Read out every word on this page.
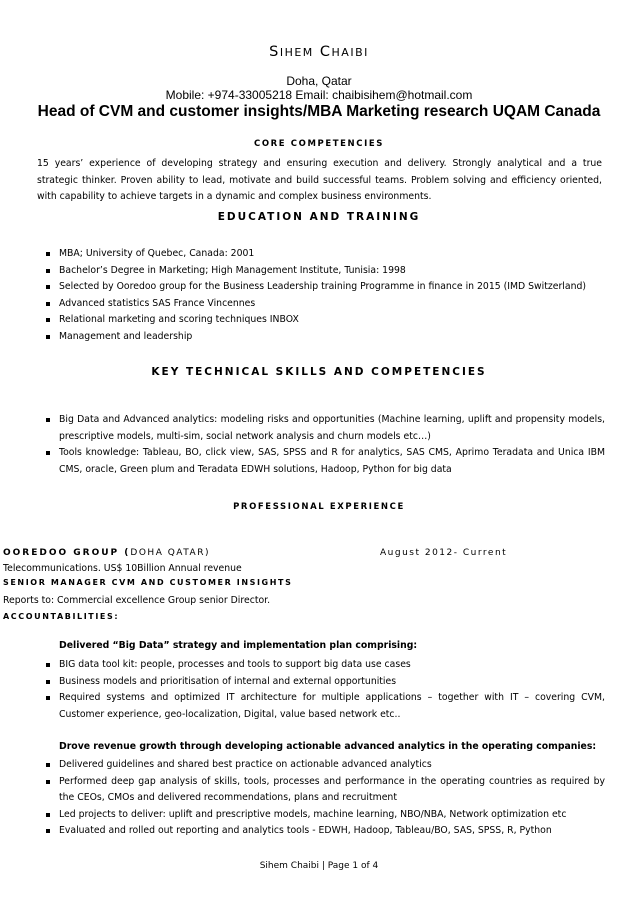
SIHEM CHAIBI
Doha, Qatar
Mobile: +974-33005218 Email: chaibisihem@hotmail.com
Head of CVM and customer insights/MBA Marketing research UQAM Canada
CORE COMPETENCIES
15 years’ experience of developing strategy and ensuring execution and delivery. Strongly analytical and a true strategic thinker. Proven ability to lead, motivate and build successful teams. Problem solving and efficiency oriented, with capability to achieve targets in a dynamic and complex business environments.
EDUCATION AND TRAINING
MBA; University of Quebec, Canada: 2001
Bachelor’s Degree in Marketing; High Management Institute, Tunisia: 1998
Selected by Ooredoo group for the Business Leadership training Programme in finance in 2015 (IMD Switzerland)
Advanced statistics SAS France Vincennes
Relational marketing and scoring techniques INBOX
Management and leadership
KEY TECHNICAL SKILLS AND COMPETENCIES
Big Data and Advanced analytics: modeling risks and opportunities (Machine learning, uplift and propensity models, prescriptive models, multi-sim, social network analysis and churn models etc…)
Tools knowledge: Tableau, BO, click view, SAS, SPSS and R for analytics, SAS CMS, Aprimo Teradata and Unica IBM CMS, oracle, Green plum and Teradata EDWH solutions, Hadoop, Python for big data
PROFESSIONAL EXPERIENCE
OOREDOO GROUP (DOHA QATAR)	August 2012- Current
Telecommunications. US$ 10Billion Annual revenue
SENIOR MANAGER CVM AND CUSTOMER INSIGHTS
Reports to: Commercial excellence Group senior Director.
ACCOUNTABILITIES:
Delivered “Big Data” strategy and implementation plan comprising:
BIG data tool kit: people, processes and tools to support big data use cases
Business models and prioritisation of internal and external opportunities
Required systems and optimized IT architecture for multiple applications – together with IT – covering CVM, Customer experience, geo-localization, Digital, value based network etc..
Drove revenue growth through developing actionable advanced analytics in the operating companies:
Delivered guidelines and shared best practice on actionable advanced analytics
Performed deep gap analysis of skills, tools, processes and performance in the operating countries as required by the CEOs, CMOs and delivered recommendations, plans and recruitment
Led projects to deliver: uplift and prescriptive models, machine learning, NBO/NBA, Network optimization etc
Evaluated and rolled out reporting and analytics tools - EDWH, Hadoop, Tableau/BO, SAS, SPSS, R, Python
Sihem Chaibi | Page 1 of 4
